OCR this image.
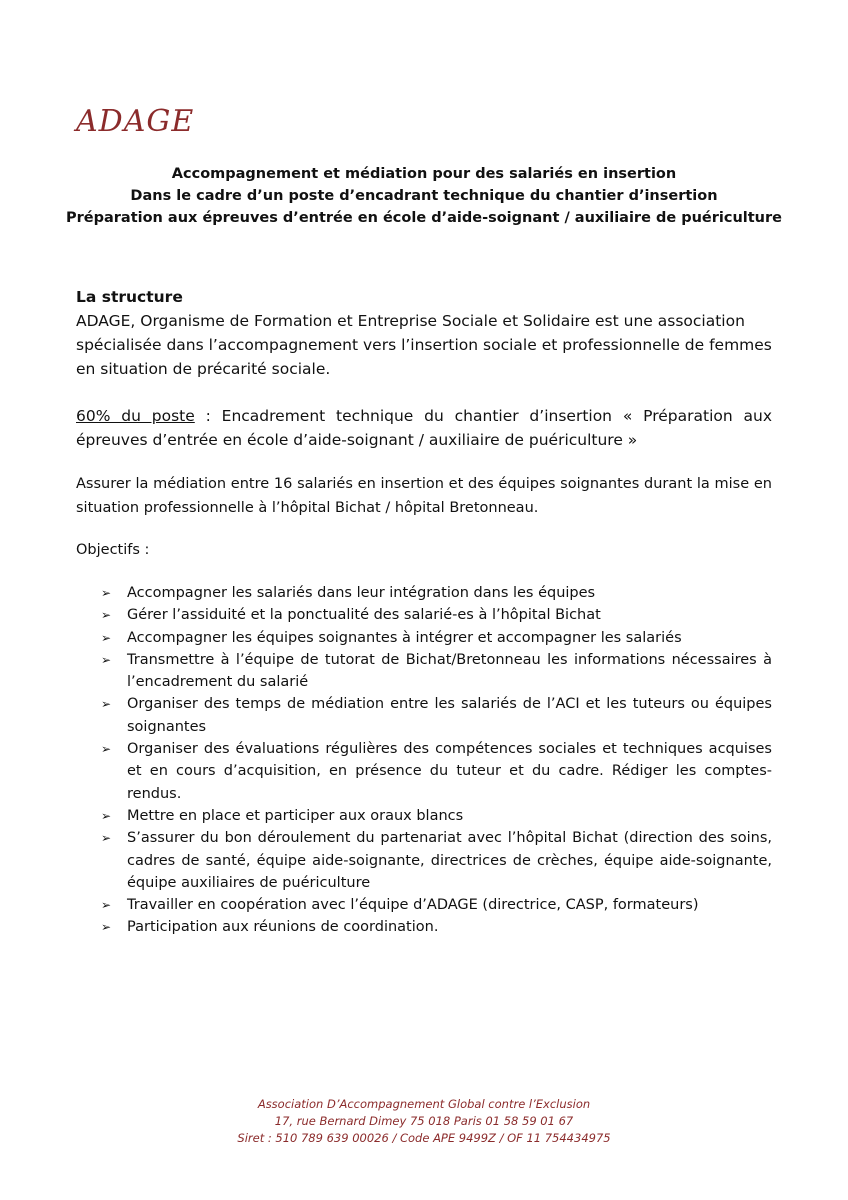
ADAGE
Accompagnement et médiation pour des salariés en insertion
Dans le cadre d’un poste d’encadrant technique du chantier d’insertion
Préparation aux épreuves d’entrée en école d’aide-soignant / auxiliaire de puériculture
La structure
ADAGE, Organisme de Formation et Entreprise Sociale et Solidaire est une association spécialisée dans l’accompagnement vers l’insertion sociale et professionnelle de femmes en situation de précarité sociale.
60% du poste : Encadrement technique du chantier d’insertion « Préparation aux épreuves d’entrée en école d’aide-soignant / auxiliaire de puériculture »
Assurer la médiation entre 16 salariés en insertion et des équipes soignantes durant la mise en situation professionnelle à l’hôpital Bichat / hôpital Bretonneau.
Objectifs :
➢ Accompagner les salariés dans leur intégration dans les équipes
➢ Gérer l’assiduité et la ponctualité des salarié-es à l’hôpital Bichat
➢ Accompagner les équipes soignantes à intégrer et accompagner les salariés
➢ Transmettre à l’équipe de tutorat de Bichat/Bretonneau les informations nécessaires à l’encadrement du salarié
➢ Organiser des temps de médiation entre les salariés de l’ACI et les tuteurs ou équipes soignantes
➢ Organiser des évaluations régulières des compétences sociales et techniques acquises et en cours d’acquisition, en présence du tuteur et du cadre. Rédiger les comptes-rendus.
➢ Mettre en place et participer aux oraux blancs
➢ S’assurer du bon déroulement du partenariat avec l’hôpital Bichat (direction des soins, cadres de santé, équipe aide-soignante, directrices de crèches, équipe aide-soignante, équipe auxiliaires de puériculture
➢ Travailler en coopération avec l’équipe d’ADAGE (directrice, CASP, formateurs)
➢ Participation aux réunions de coordination.
Association D’Accompagnement Global contre l’Exclusion
17, rue Bernard Dimey 75 018 Paris 01 58 59 01 67
Siret : 510 789 639 00026 / Code APE 9499Z / OF 11 754434975
